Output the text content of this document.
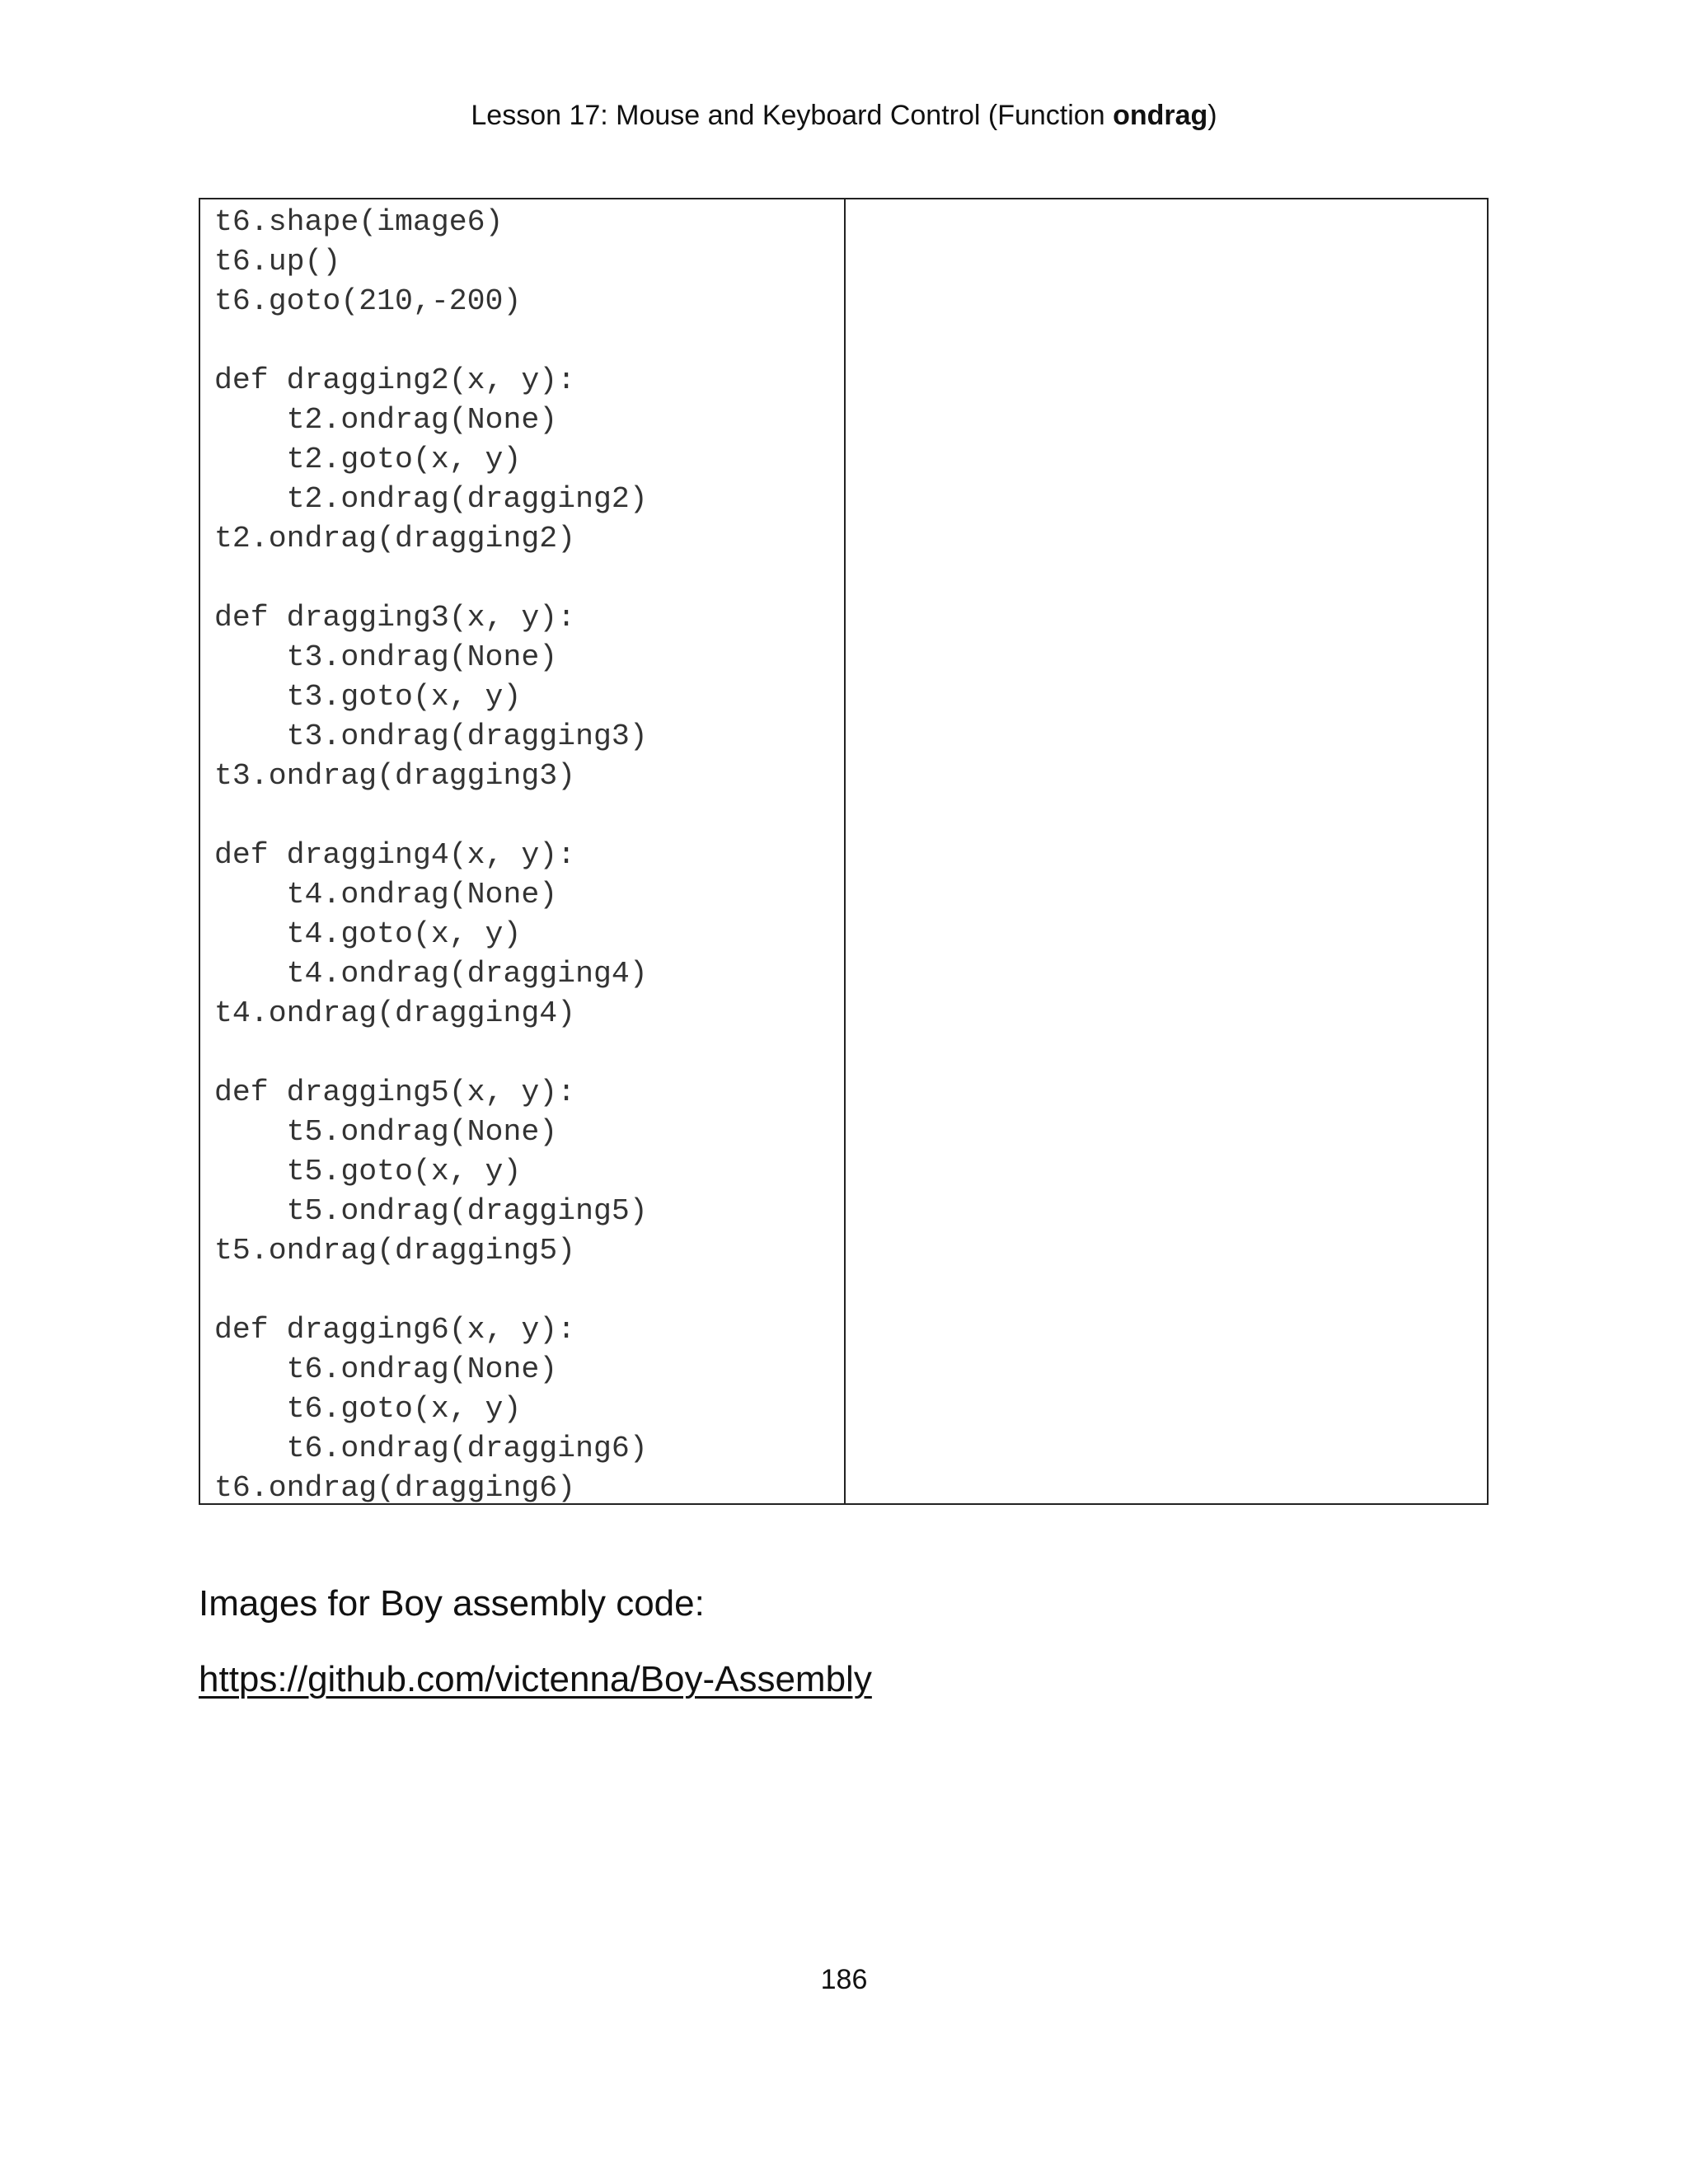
Lesson 17: Mouse and Keyboard Control (Function ondrag)
t6.shape(image6)
t6.up()
t6.goto(210,-200)
def dragging2(x, y):
t2.ondrag(None)
t2.goto(x, y)
t2.ondrag(dragging2)
t2.ondrag(dragging2)
def dragging3(x, y):
t3.ondrag(None)
t3.goto(x, y)
t3.ondrag(dragging3)
t3.ondrag(dragging3)
def dragging4(x, y):
t4.ondrag(None)
t4.goto(x, y)
t4.ondrag(dragging4)
t4.ondrag(dragging4)
def dragging5(x, y):
t5.ondrag(None)
t5.goto(x, y)
t5.ondrag(dragging5)
t5.ondrag(dragging5)
def dragging6(x, y):
t6.ondrag(None)
t6.goto(x, y)
t6.ondrag(dragging6)
t6.ondrag(dragging6)
Images for Boy assembly code:
https://github.com/victenna/Boy-Assembly
186
